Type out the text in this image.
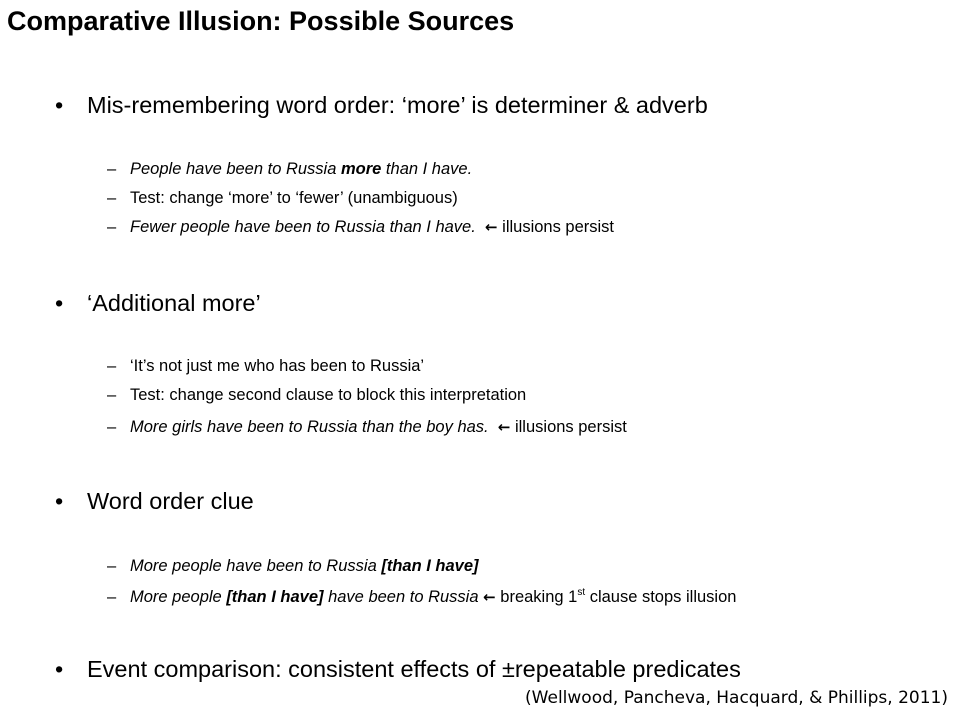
Comparative Illusion: Possible Sources
• Mis-remembering word order: ‘more’ is determiner & adverb
– People have been to Russia more than I have.
– Test: change ‘more’ to ‘fewer’ (unambiguous)
– Fewer people have been to Russia than I have. ← illusions persist
• ‘Additional more’
– ‘It’s not just me who has been to Russia’
– Test: change second clause to block this interpretation
– More girls have been to Russia than the boy has. ← illusions persist
• Word order clue
– More people have been to Russia [than I have]
– More people [than I have] have been to Russia ← breaking 1st clause stops illusion
• Event comparison: consistent effects of ±repeatable predicates
(Wellwood, Pancheva, Hacquard, & Phillips, 2011)
